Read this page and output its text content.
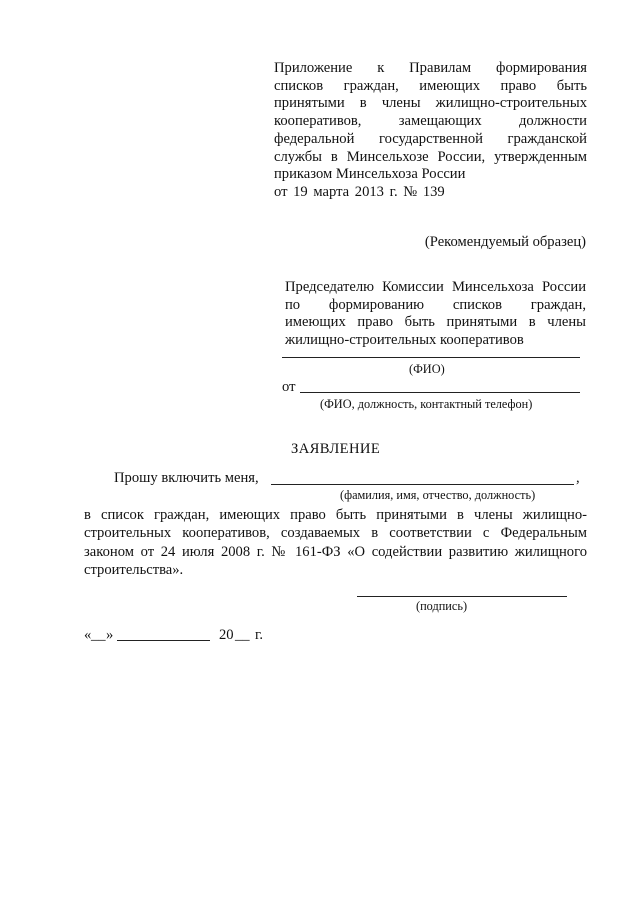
Приложение к Правилам формирования
списков граждан, имеющих право быть
принятыми в члены жилищно-строительных
кооперативов, замещающих должности
федеральной государственной гражданской
службы в Минсельхозе России, утвержденным
приказом Минсельхоза России
от 19 марта 2013 г. № 139
(Рекомендуемый образец)
Председателю Комиссии Минсельхоза России
по формированию списков граждан,
имеющих право быть принятыми в члены
жилищно-строительных кооперативов
(ФИО)
от
(ФИО, должность, контактный телефон)
ЗАЯВЛЕНИЕ
Прошу включить меня,	,
(фамилия, имя, отчество, должность)
в список граждан, имеющих право быть принятыми в члены жилищно-
строительных кооперативов, создаваемых в соответствии с Федеральным
законом от 24 июля 2008 г. № 161-ФЗ «О содействии развитию жилищного
строительства».
(подпись)
« __ »	20 __ г.
